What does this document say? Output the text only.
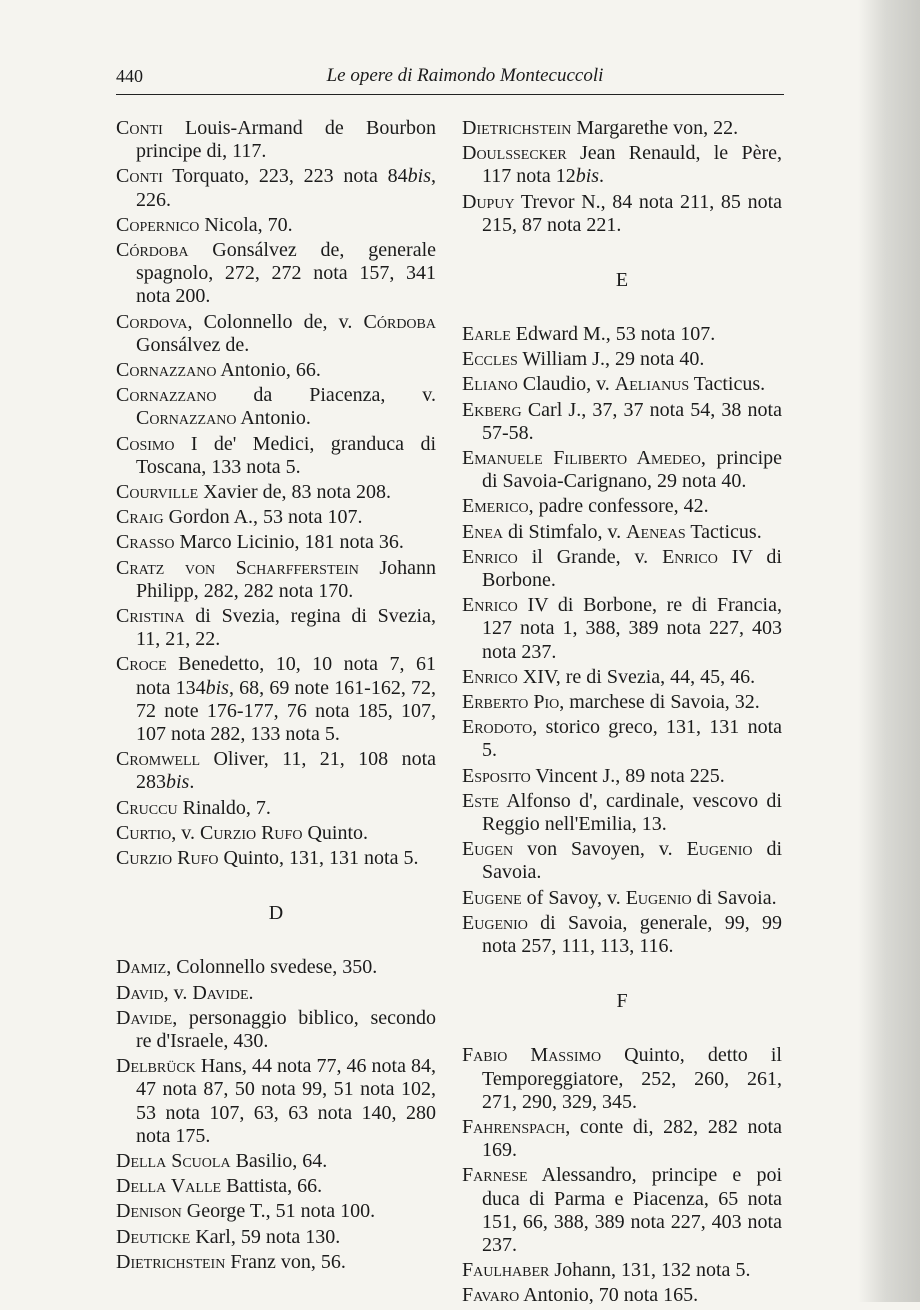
440	Le opere di Raimondo Montecuccoli
Conti Louis-Armand de Bourbon principe di, 117.
Conti Torquato, 223, 223 nota 84bis, 226.
Copernico Nicola, 70.
Córdoba Gonsálvez de, generale spagnolo, 272, 272 nota 157, 341 nota 200.
Cordova, Colonnello de, v. Córdoba Gonsálvez de.
Cornazzano Antonio, 66.
Cornazzano da Piacenza, v. Cornazzano Antonio.
Cosimo I de' Medici, granduca di Toscana, 133 nota 5.
Courville Xavier de, 83 nota 208.
Craig Gordon A., 53 nota 107.
Crasso Marco Licinio, 181 nota 36.
Cratz von Scharfferstein Johann Philipp, 282, 282 nota 170.
Cristina di Svezia, regina di Svezia, 11, 21, 22.
Croce Benedetto, 10, 10 nota 7, 61 nota 134bis, 68, 69 note 161-162, 72, 72 note 176-177, 76 nota 185, 107, 107 nota 282, 133 nota 5.
Cromwell Oliver, 11, 21, 108 nota 283bis.
Cruccu Rinaldo, 7.
Curtio, v. Curzio Rufo Quinto.
Curzio Rufo Quinto, 131, 131 nota 5.
D
Damiz, Colonnello svedese, 350.
David, v. Davide.
Davide, personaggio biblico, secondo re d'Israele, 430.
Delbrück Hans, 44 nota 77, 46 nota 84, 47 nota 87, 50 nota 99, 51 nota 102, 53 nota 107, 63, 63 nota 140, 280 nota 175.
Della Scuola Basilio, 64.
Della Valle Battista, 66.
Denison George T., 51 nota 100.
Deuticke Karl, 59 nota 130.
Dietrichstein Franz von, 56.
Dietrichstein Margarethe von, 22.
Doulssecker Jean Renauld, le Père, 117 nota 12bis.
Dupuy Trevor N., 84 nota 211, 85 nota 215, 87 nota 221.
E
Earle Edward M., 53 nota 107.
Eccles William J., 29 nota 40.
Eliano Claudio, v. Aelianus Tacticus.
Ekberg Carl J., 37, 37 nota 54, 38 nota 57-58.
Emanuele Filiberto Amedeo, principe di Savoia-Carignano, 29 nota 40.
Emerico, padre confessore, 42.
Enea di Stimfalo, v. Aeneas Tacticus.
Enrico il Grande, v. Enrico IV di Borbone.
Enrico IV di Borbone, re di Francia, 127 nota 1, 388, 389 nota 227, 403 nota 237.
Enrico XIV, re di Svezia, 44, 45, 46.
Erberto Pio, marchese di Savoia, 32.
Erodoto, storico greco, 131, 131 nota 5.
Esposito Vincent J., 89 nota 225.
Este Alfonso d', cardinale, vescovo di Reggio nell'Emilia, 13.
Eugen von Savoyen, v. Eugenio di Savoia.
Eugene of Savoy, v. Eugenio di Savoia.
Eugenio di Savoia, generale, 99, 99 nota 257, 111, 113, 116.
F
Fabio Massimo Quinto, detto il Temporeggiatore, 252, 260, 261, 271, 290, 329, 345.
Fahrenspach, conte di, 282, 282 nota 169.
Farnese Alessandro, principe e poi duca di Parma e Piacenza, 65 nota 151, 66, 388, 389 nota 227, 403 nota 237.
Faulhaber Johann, 131, 132 nota 5.
Favaro Antonio, 70 nota 165.
